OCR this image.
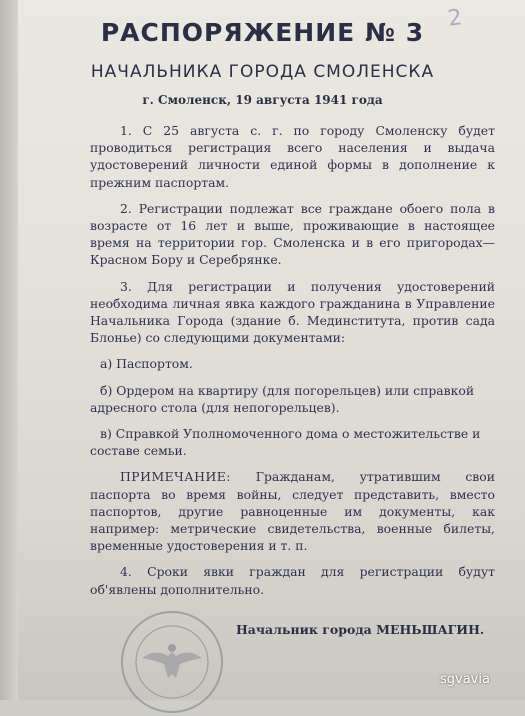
2
РАСПОРЯЖЕНИЕ № 3
НАЧАЛЬНИКА ГОРОДА СМОЛЕНСКА
г. Смоленск, 19 августа 1941 года

1. С 25 августа с. г. по городу Смоленску будет проводиться регистрация всего населения и выдача удостоверений личности единой формы в дополнение к прежним паспортам.

2. Регистрации подлежат все граждане обоего пола в возрасте от 16 лет и выше, проживающие в настоящее время на территории гор. Смоленска и в его пригородах—Красном Бору и Серебрянке.

3. Для регистрации и получения удостоверений необходима личная явка каждого гражданина в Управление Начальника Города (здание б. Мединститута, против сада Блонье) со следующими документами:

а) Паспортом.

б) Ордером на квартиру (для погорельцев) или справкой адресного стола (для непогорельцев).

в) Справкой Уполномоченного дома о местожительстве и составе семьи.

ПРИМЕЧАНИЕ: Гражданам, утратившим свои паспорта во время войны, следует представить, вместо паспортов, другие равноценные им документы, как например: метрические свидетельства, военные билеты, временные удостоверения и т. п.

4. Сроки явки граждан для регистрации будут об'явлены дополнительно.

Начальник города МЕНЬШАГИН.
sgvavia
